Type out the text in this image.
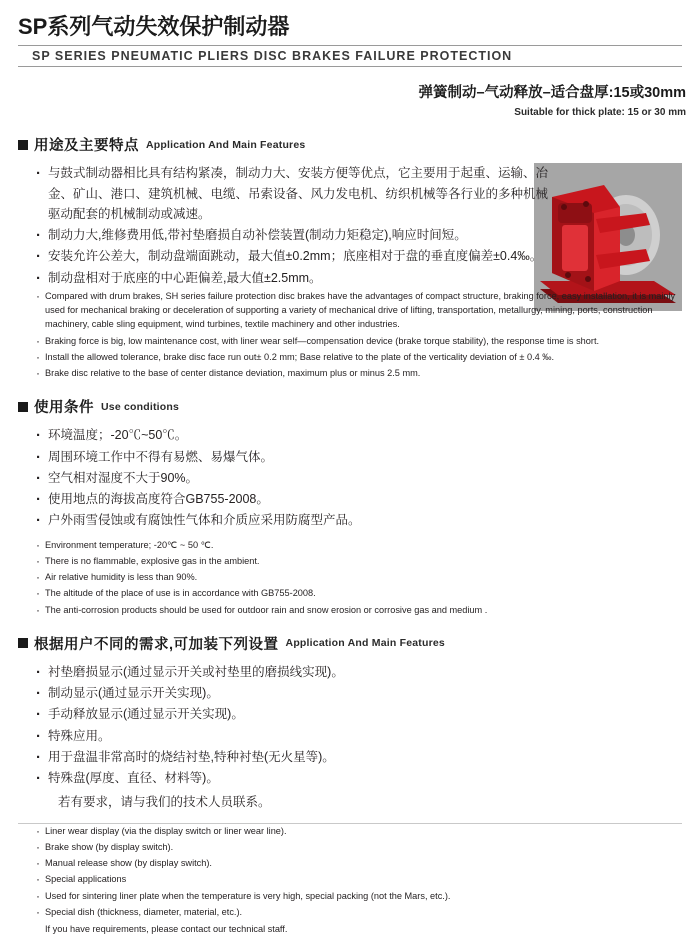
SP系列气动失效保护制动器
SP SERIES PNEUMATIC PLIERS DISC BRAKES FAILURE PROTECTION
弹簧制动–气动释放–适合盘厚:15或30mm
Suitable for thick plate: 15 or 30 mm
用途及主要特点 Application And Main Features
· 与鼓式制动器相比具有结构紧凑，制动力大、安装方便等优点，它主要用于起重、运输、冶金、矿山、港口、建筑机械、电缆、吊索设备、风力发电机、纺织机械等各行业的多种机械驱动配套的机械制动或减速。
· 制动力大,维修费用低,带衬垫磨损自动补偿装置(制动力矩稳定),响应时间短。
· 安装允许公差大，制动盘端面跳动，最大值±0.2mm；底座相对于盘的垂直度偏差±0.4‰。
· 制动盘相对于底座的中心距偏差,最大值±2.5mm。
· Compared with drum brakes, SH series failure protection disc brakes have the advantages of compact structure, braking force, easy installation, it is mainly used for mechanical braking or deceleration of supporting a variety of mechanical drive of lifting, transportation, metallurgy, mining, ports, construction machinery, cable sling equipment, wind turbines, textile machinery and other industries.
· Braking force is big, low maintenance cost, with liner wear self—compensation device (brake torque stability), the response time is short.
· Install the allowed tolerance, brake disc face run out± 0.2 mm; Base relative to the plate of the verticality deviation of ± 0.4 ‰.
· Brake disc relative to the base of center distance deviation, maximum plus or minus 2.5 mm.
使用条件 Use conditions
· 环境温度；-20℃~50℃。
· 周围环境工作中不得有易燃、易爆气体。
· 空气相对湿度不大于90%。
· 使用地点的海拔高度符合GB755-2008。
· 户外雨雪侵蚀或有腐蚀性气体和介质应采用防腐型产品。
· Environment temperature; -20℃ ~ 50 ℃.
· There is no flammable, explosive gas in the ambient.
· Air relative humidity is less than 90%.
· The altitude of the place of use is in accordance with GB755-2008.
· The anti-corrosion products should be used for outdoor rain and snow erosion or corrosive gas and medium .
根据用户不同的需求,可加装下列设置 Application And Main Features
· 衬垫磨损显示(通过显示开关或衬垫里的磨损线实现)。
· 制动显示(通过显示开关实现)。
· 手动释放显示(通过显示开关实现)。
· 特殊应用。
· 用于盘温非常高时的烧结衬垫,特种衬垫(无火星等)。
· 特殊盘(厚度、直径、材料等)。
若有要求，请与我们的技术人员联系。
· Liner wear display (via the display switch or liner wear line).
· Brake show (by display switch).
· Manual release show (by display switch).
· Special applications
· Used for sintering liner plate when the temperature is very high, special packing (not the Mars, etc.).
· Special dish (thickness, diameter, material, etc.).
If you have requirements, please contact our technical staff.
